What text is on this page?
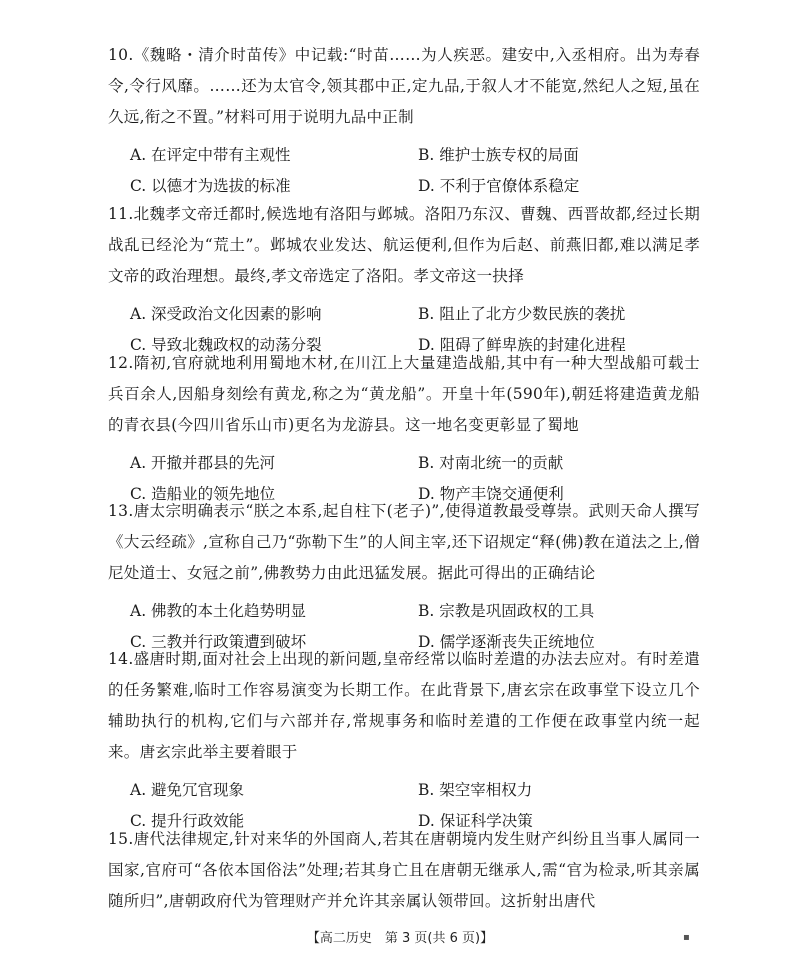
10.《魏略・清介时苗传》中记载:“时苗……为人疾恶。建安中,入丞相府。出为寿春令,令行风靡。……还为太官令,领其郡中正,定九品,于叙人才不能宽,然纪人之短,虽在久远,衔之不置。”材料可用于说明九品中正制

A. 在评定中带有主观性	B. 维护士族专权的局面
C. 以德才为选拔的标准	D. 不利于官僚体系稳定

11.北魏孝文帝迁都时,候选地有洛阳与邺城。洛阳乃东汉、曹魏、西晋故都,经过长期战乱已经沦为“荒土”。邺城农业发达、航运便利,但作为后赵、前燕旧都,难以满足孝文帝的政治理想。最终,孝文帝选定了洛阳。孝文帝这一抉择

A. 深受政治文化因素的影响	B. 阻止了北方少数民族的袭扰
C. 导致北魏政权的动荡分裂	D. 阻碍了鲜卑族的封建化进程

12.隋初,官府就地利用蜀地木材,在川江上大量建造战船,其中有一种大型战船可载士兵百余人,因船身刻绘有黄龙,称之为“黄龙船”。开皇十年(590年),朝廷将建造黄龙船的青衣县(今四川省乐山市)更名为龙游县。这一地名变更彰显了蜀地

A. 开撤并郡县的先河	B. 对南北统一的贡献
C. 造船业的领先地位	D. 物产丰饶交通便利

13.唐太宗明确表示“朕之本系,起自柱下(老子)”,使得道教最受尊崇。武则天命人撰写《大云经疏》,宣称自己乃“弥勒下生”的人间主宰,还下诏规定“释(佛)教在道法之上,僧尼处道士、女冠之前”,佛教势力由此迅猛发展。据此可得出的正确结论

A. 佛教的本土化趋势明显	B. 宗教是巩固政权的工具
C. 三教并行政策遭到破坏	D. 儒学逐渐丧失正统地位

14.盛唐时期,面对社会上出现的新问题,皇帝经常以临时差遣的办法去应对。有时差遣的任务繁难,临时工作容易演变为长期工作。在此背景下,唐玄宗在政事堂下设立几个辅助执行的机构,它们与六部并存,常规事务和临时差遣的工作便在政事堂内统一起来。唐玄宗此举主要着眼于

A. 避免冗官现象	B. 架空宰相权力
C. 提升行政效能	D. 保证科学决策

15.唐代法律规定,针对来华的外国商人,若其在唐朝境内发生财产纠纷且当事人属同一国家,官府可“各依本国俗法”处理;若其身亡且在唐朝无继承人,需“官为检录,听其亲属随所归”,唐朝政府代为管理财产并允许其亲属认领带回。这折射出唐代

【高二历史　第 3 页(共 6 页)】	▪
